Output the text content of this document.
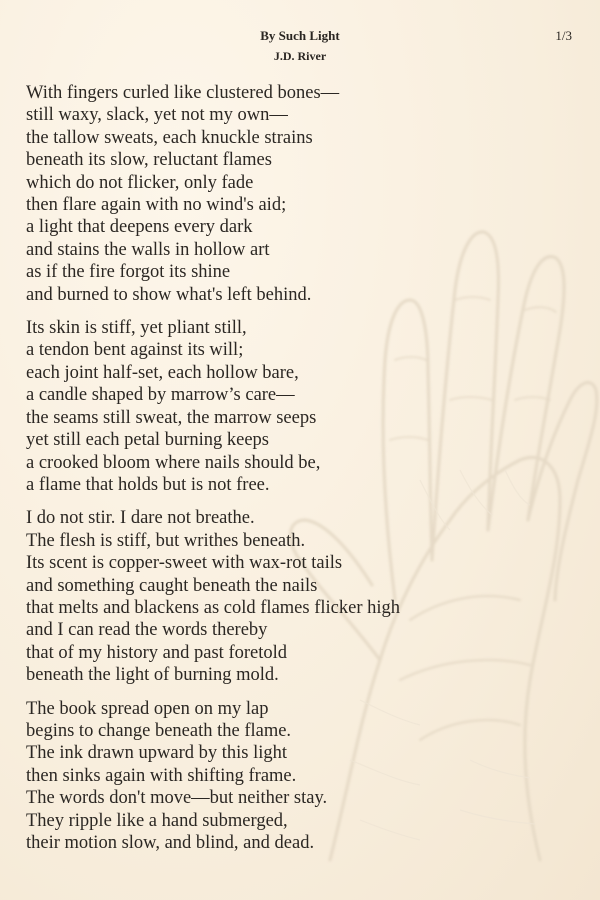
By Such Light
J.D. River
1/3
With fingers curled like clustered bones—
still waxy, slack, yet not my own—
the tallow sweats, each knuckle strains
beneath its slow, reluctant flames
which do not flicker, only fade
then flare again with no wind's aid;
a light that deepens every dark
and stains the walls in hollow art
as if the fire forgot its shine
and burned to show what's left behind.
Its skin is stiff, yet pliant still,
a tendon bent against its will;
each joint half-set, each hollow bare,
a candle shaped by marrow’s care—
the seams still sweat, the marrow seeps
yet still each petal burning keeps
a crooked bloom where nails should be,
a flame that holds but is not free.
I do not stir. I dare not breathe.
The flesh is stiff, but writhes beneath.
Its scent is copper-sweet with wax-rot tails
and something caught beneath the nails
that melts and blackens as cold flames flicker high
and I can read the words thereby
that of my history and past foretold
beneath the light of burning mold.
The book spread open on my lap
begins to change beneath the flame.
The ink drawn upward by this light
then sinks again with shifting frame.
The words don't move—but neither stay.
They ripple like a hand submerged,
their motion slow, and blind, and dead.
